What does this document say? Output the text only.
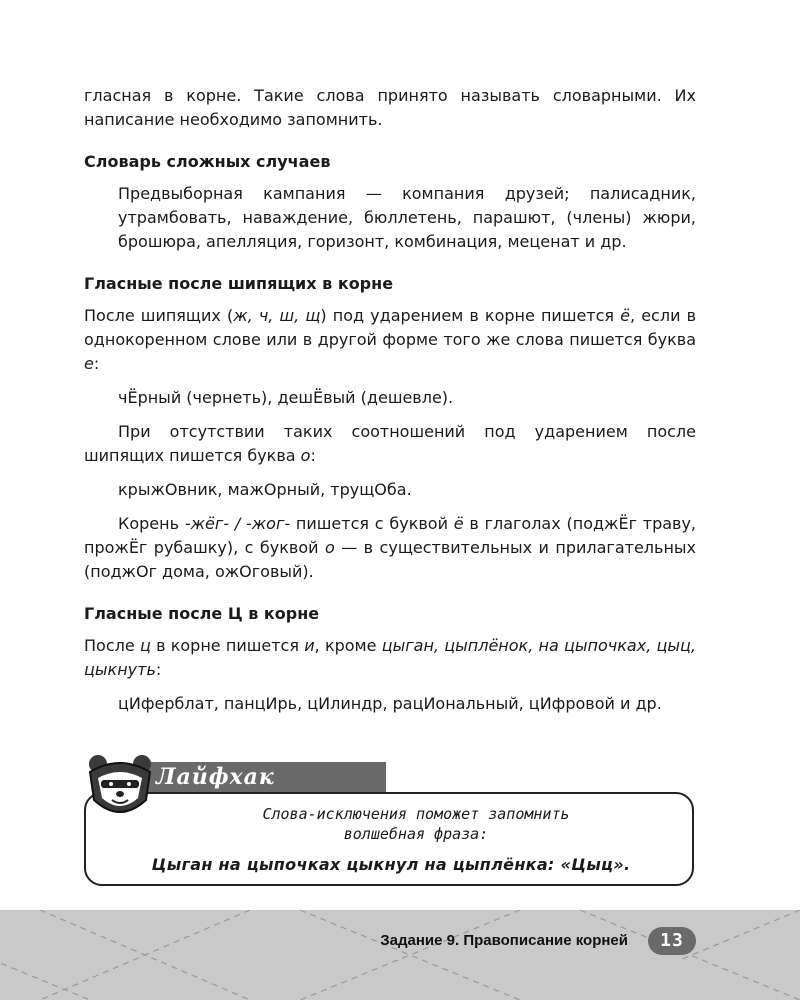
гласная в корне. Такие слова принято называть словарными. Их написание необходимо запомнить.

Словарь сложных случаев

Предвыборная кампания — компания друзей; палисадник, утрамбовать, наваждение, бюллетень, парашют, (члены) жюри, брошюра, апелляция, горизонт, комбинация, меценат и др.

Гласные после шипящих в корне

После шипящих (ж, ч, ш, щ) под ударением в корне пишется ё, если в однокоренном слове или в другой форме того же слова пишется буква е:

чЁрный (чернеть), дешЁвый (дешевле).

При отсутствии таких соотношений под ударением после шипящих пишется буква о:

крыжОвник, мажОрный, трущОба.

Корень -жёг- / -жог- пишется с буквой ё в глаголах (поджЁг траву, прожЁг рубашку), с буквой о — в существительных и прилагательных (поджОг дома, ожОговый).

Гласные после Ц в корне

После ц в корне пишется и, кроме цыган, цыплёнок, на цыпочках, цыц, цыкнуть:

цИферблат, панцИрь, цИлиндр, рацИональный, цИфровой и др.

Лайфхак
Слова-исключения поможет запомнить
волшебная фраза:
Цыган на цыпочках цыкнул на цыплёнка: «Цыц».
Задание 9. Правописание корней	13
